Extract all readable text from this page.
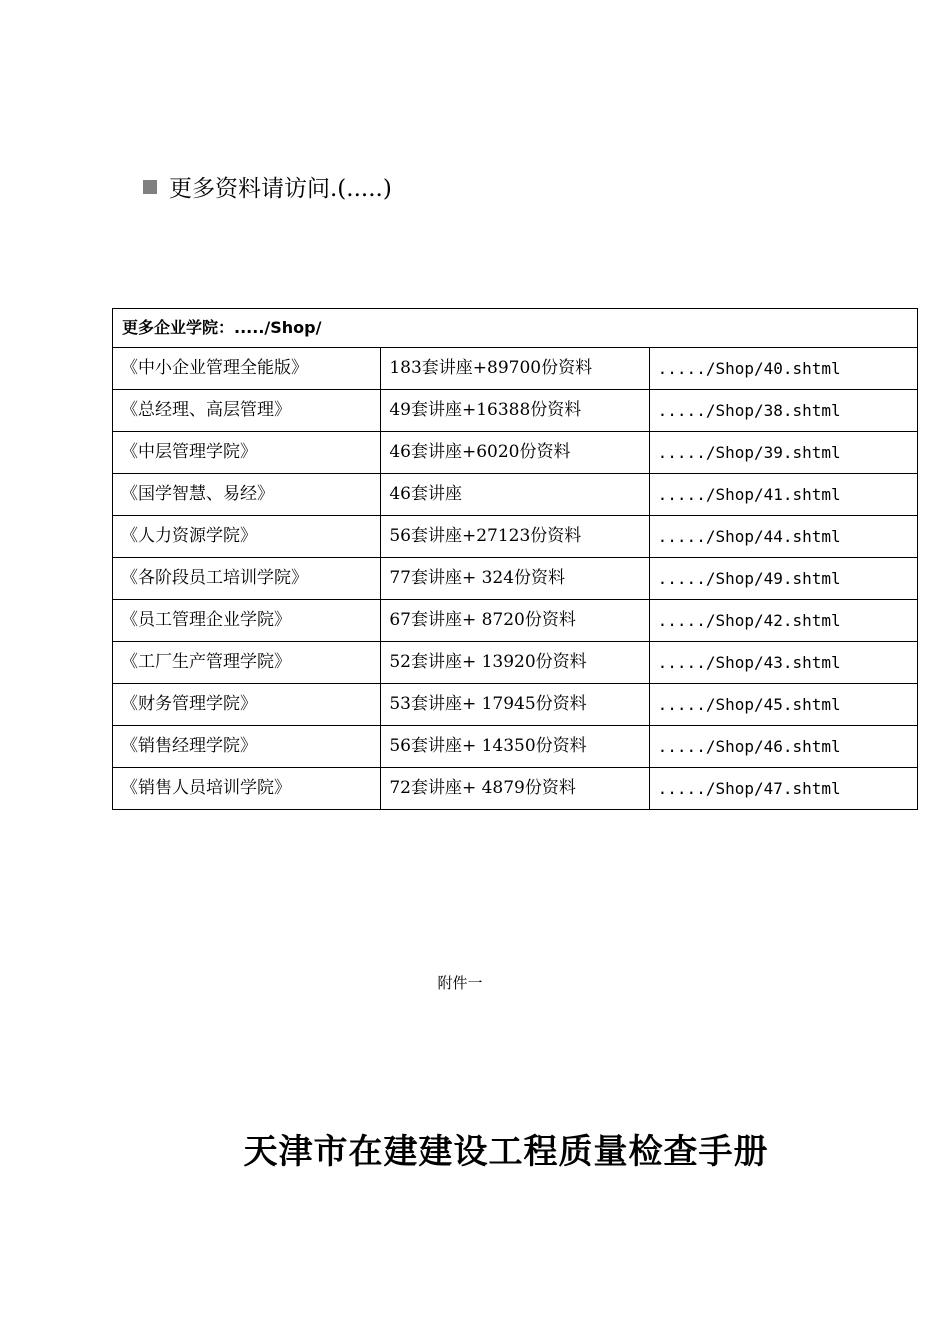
更多资料请访问.(.....)
更多企业学院：...../Shop/		
《中小企业管理全能版》	183套讲座+89700份资料	...../Shop/40.shtml
《总经理、高层管理》	49套讲座+16388份资料	...../Shop/38.shtml
《中层管理学院》	46套讲座+6020份资料	...../Shop/39.shtml
《国学智慧、易经》	46套讲座	...../Shop/41.shtml
《人力资源学院》	56套讲座+27123份资料	...../Shop/44.shtml
《各阶段员工培训学院》	77套讲座+ 324份资料	...../Shop/49.shtml
《员工管理企业学院》	67套讲座+ 8720份资料	...../Shop/42.shtml
《工厂生产管理学院》	52套讲座+ 13920份资料	...../Shop/43.shtml
《财务管理学院》	53套讲座+ 17945份资料	...../Shop/45.shtml
《销售经理学院》	56套讲座+ 14350份资料	...../Shop/46.shtml
《销售人员培训学院》	72套讲座+ 4879份资料	...../Shop/47.shtml
附件一
天津市在建建设工程质量检查手册
